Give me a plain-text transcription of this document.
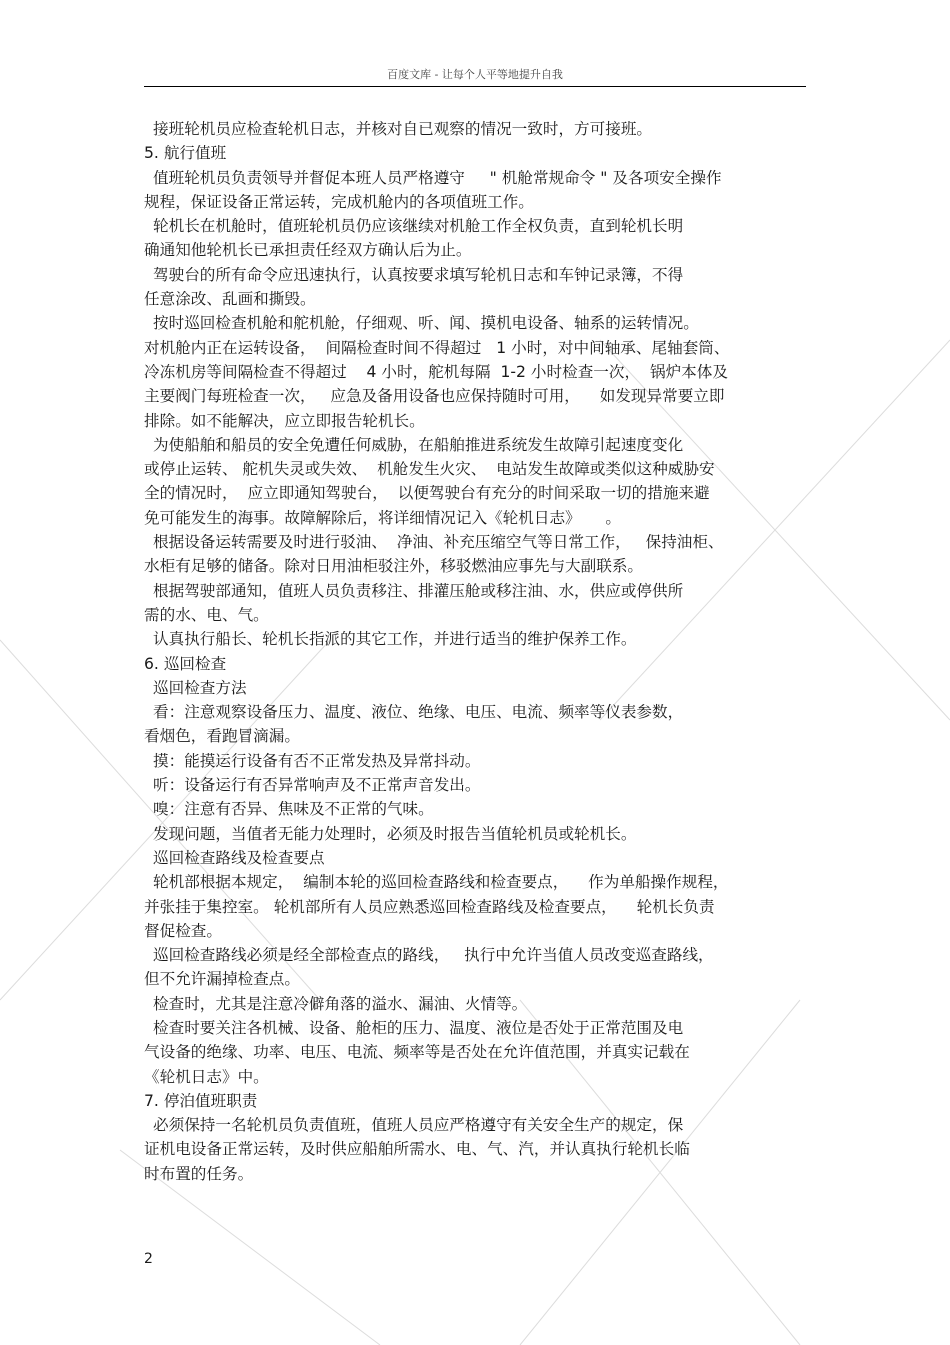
百度文库 - 让每个人平等地提升自我
接班轮机员应检查轮机日志，并核对自已观察的情况一致时，方可接班。
5. 航行值班
值班轮机员负责领导并督促本班人员严格遵守     " 机舱常规命令 " 及各项安全操作
规程，保证设备正常运转，完成机舱内的各项值班工作。
轮机长在机舱时，值班轮机员仍应该继续对机舱工作全权负责，直到轮机长明
确通知他轮机长已承担责任经双方确认后为止。
驾驶台的所有命令应迅速执行，认真按要求填写轮机日志和车钟记录簿，不得
任意涂改、乱画和撕毁。
按时巡回检查机舱和舵机舱，仔细观、听、闻、摸机电设备、轴系的运转情况。
对机舱内正在运转设备，  间隔检查时间不得超过   1 小时，对中间轴承、尾轴套筒、
冷冻机房等间隔检查不得超过    4 小时，舵机每隔  1-2 小时检查一次，  锅炉本体及
主要阀门每班检查一次，   应急及备用设备也应保持随时可用，    如发现异常要立即
排除。如不能解决，应立即报告轮机长。
为使船舶和船员的安全免遭任何威胁，在船舶推进系统发生故障引起速度变化
或停止运转、 舵机失灵或失效、  机舱发生火灾、  电站发生故障或类似这种威胁安
全的情况时，  应立即通知驾驶台，  以便驾驶台有充分的时间采取一切的措施来避
免可能发生的海事。故障解除后，将详细情况记入《轮机日志》     。
根据设备运转需要及时进行驳油、  净油、补充压缩空气等日常工作，   保持油柜、
水柜有足够的储备。除对日用油柜驳注外，移驳燃油应事先与大副联系。
根据驾驶部通知，值班人员负责移注、排灌压舱或移注油、水，供应或停供所
需的水、电、气。
认真执行船长、轮机长指派的其它工作，并进行适当的维护保养工作。
6. 巡回检查
巡回检查方法
看：注意观察设备压力、温度、液位、绝缘、电压、电流、频率等仪表参数，
看烟色，看跑冒滴漏。
摸：能摸运行设备有否不正常发热及异常抖动。
听：设备运行有否异常响声及不正常声音发出。
嗅：注意有否异、焦味及不正常的气味。
发现问题，当值者无能力处理时，必须及时报告当值轮机员或轮机长。
巡回检查路线及检查要点
轮机部根据本规定，  编制本轮的巡回检查路线和检查要点，    作为单船操作规程，
并张挂于集控室。 轮机部所有人员应熟悉巡回检查路线及检查要点，    轮机长负责
督促检查。
巡回检查路线必须是经全部检查点的路线，   执行中允许当值人员改变巡查路线，
但不允许漏掉检查点。
检查时，尤其是注意冷僻角落的溢水、漏油、火情等。
检查时要关注各机械、设备、舱柜的压力、温度、液位是否处于正常范围及电
气设备的绝缘、功率、电压、电流、频率等是否处在允许值范围，并真实记载在
《轮机日志》中。
7. 停泊值班职责
必须保持一名轮机员负责值班，值班人员应严格遵守有关安全生产的规定，保
证机电设备正常运转，及时供应船舶所需水、电、气、汽，并认真执行轮机长临
时布置的任务。
2
